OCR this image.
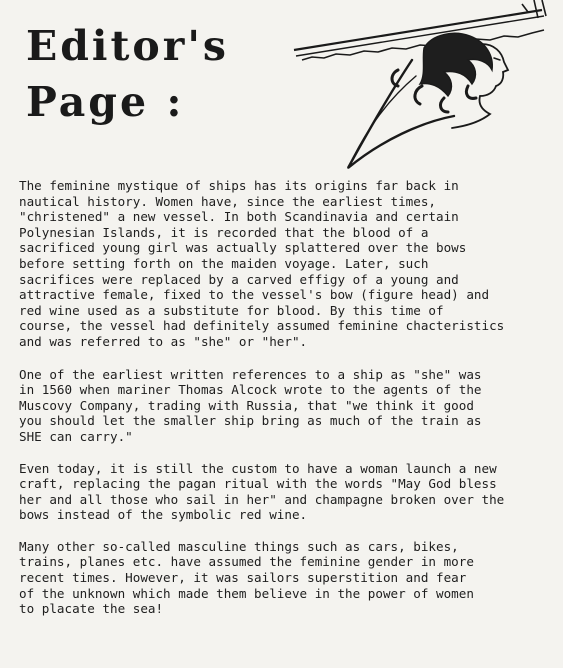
Editor's
Page :

The feminine mystique of ships has its origins far back in
nautical history. Women have, since the earliest times,
"christened" a new vessel. In both Scandinavia and certain
Polynesian Islands, it is recorded that the blood of a
sacrificed young girl was actually splattered over the bows
before setting forth on the maiden voyage. Later, such
sacrifices were replaced by a carved effigy of a young and
attractive female, fixed to the vessel's bow (figure head) and
red wine used as a substitute for blood. By this time of
course, the vessel had definitely assumed feminine chacteristics
and was referred to as "she" or "her".

One of the earliest written references to a ship as "she" was
in 1560 when mariner Thomas Alcock wrote to the agents of the
Muscovy Company, trading with Russia, that "we think it good
you should let the smaller ship bring as much of the train as
SHE can carry."

Even today, it is still the custom to have a woman launch a new
craft, replacing the pagan ritual with the words "May God bless
her and all those who sail in her" and champagne broken over the
bows instead of the symbolic red wine.

Many other so-called masculine things such as cars, bikes,
trains, planes etc. have assumed the feminine gender in more
recent times. However, it was sailors superstition and fear
of the unknown which made them believe in the power of women
to placate the sea!
